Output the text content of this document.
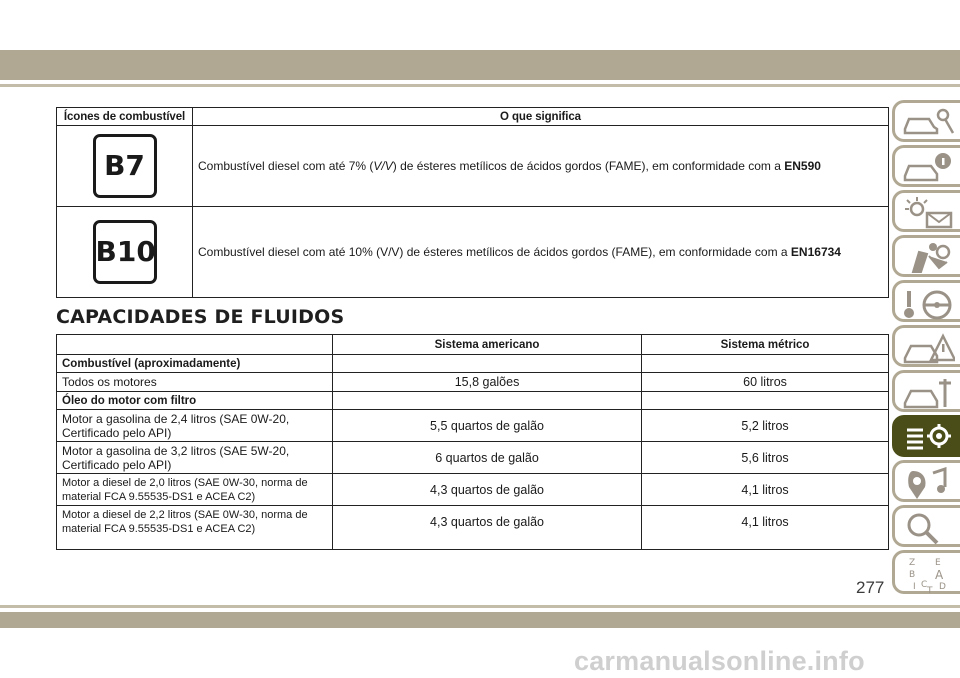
Ícones de combustível	O que significa
B7	Combustível diesel com até 7% (V/V) de ésteres metílicos de ácidos gordos (FAME), em conformidade com a EN590
B10	Combustível diesel com até 10% (V/V) de ésteres metílicos de ácidos gordos (FAME), em conformidade com a EN16734
CAPACIDADES DE FLUIDOS
	Sistema americano	Sistema métrico
Combustível (aproximadamente)		
Todos os motores	15,8 galões	60 litros
Óleo do motor com filtro		
Motor a gasolina de 2,4 litros (SAE 0W-20, Certificado pelo API)	5,5 quartos de galão	5,2 litros
Motor a gasolina de 3,2 litros (SAE 5W-20, Certificado pelo API)	6 quartos de galão	5,6 litros
Motor a diesel de 2,0 litros (SAE 0W-30, norma de material FCA 9.55535-DS1 e ACEA C2)	4,3 quartos de galão	4,1 litros
Motor a diesel de 2,2 litros (SAE 0W-30, norma de material FCA 9.55535-DS1 e ACEA C2)	4,3 quartos de galão	4,1 litros
Z E
B A
I C
T D
277
carmanualsonline.info
